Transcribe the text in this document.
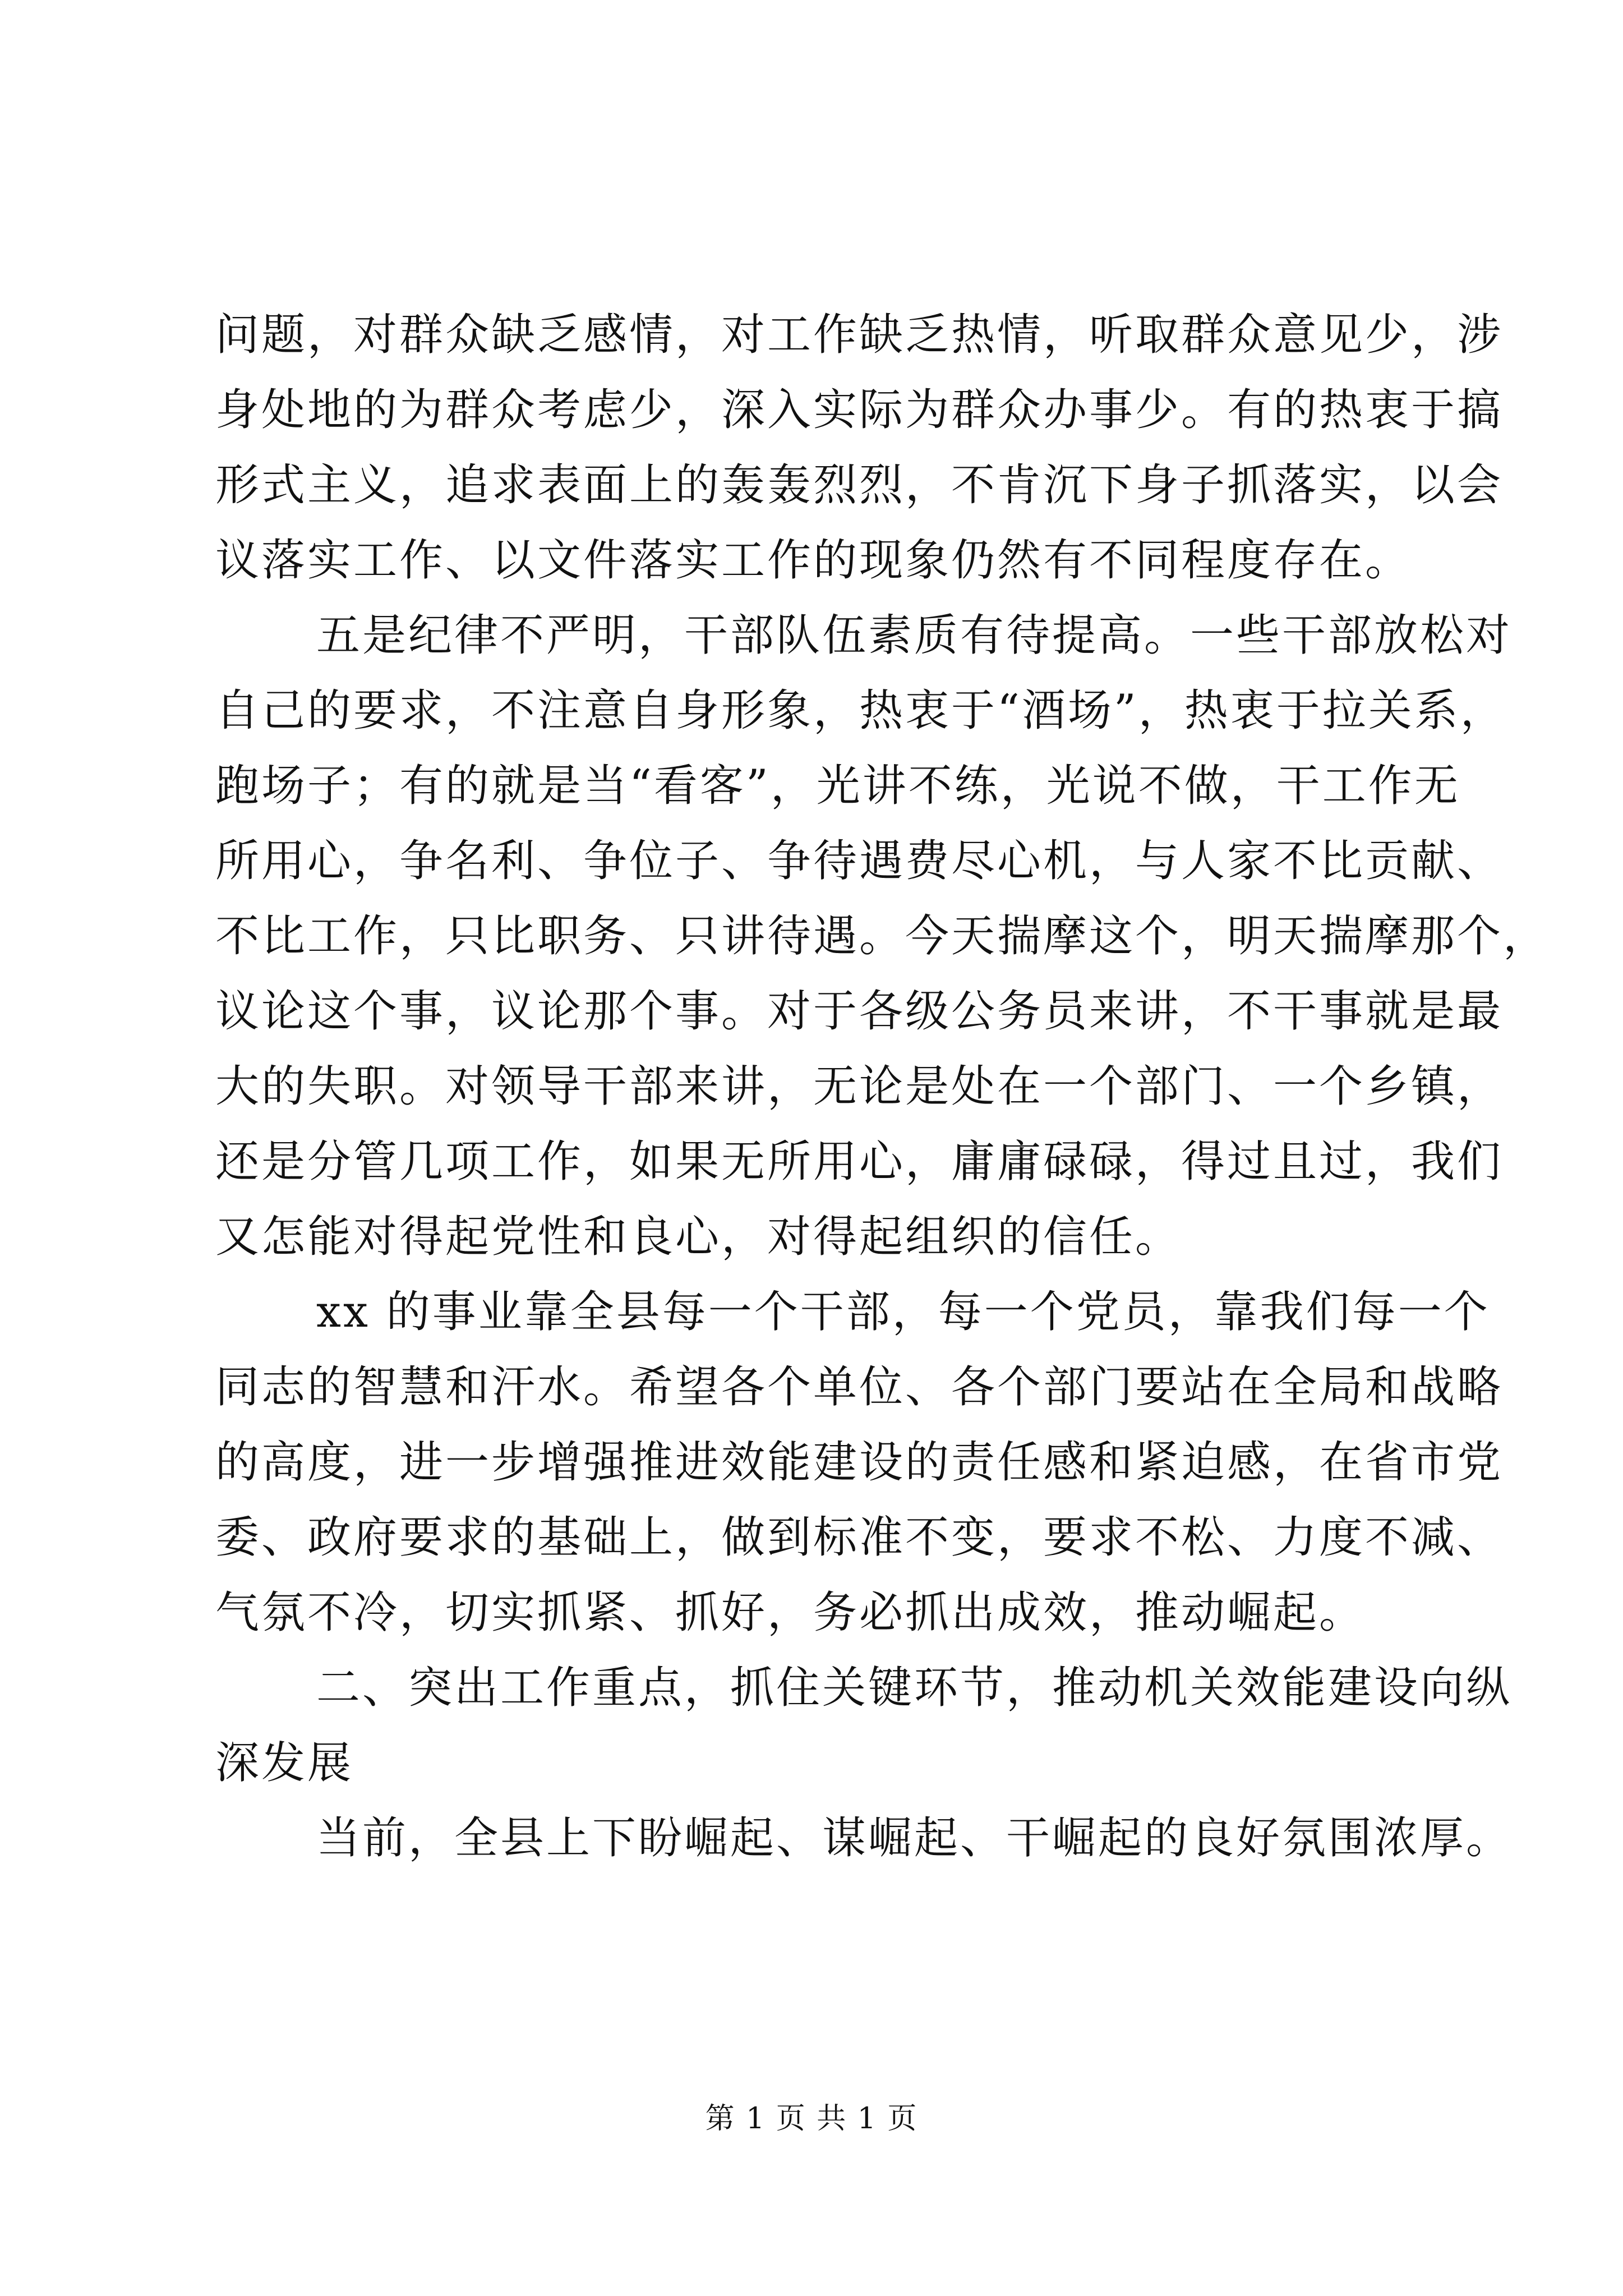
问题，对群众缺乏感情，对工作缺乏热情，听取群众意见少，涉
身处地的为群众考虑少，深入实际为群众办事少。有的热衷于搞
形式主义，追求表面上的轰轰烈烈，不肯沉下身子抓落实，以会
议落实工作、以文件落实工作的现象仍然有不同程度存在。
五是纪律不严明，干部队伍素质有待提高。一些干部放松对
自己的要求，不注意自身形象，热衷于“酒场”，热衷于拉关系，
跑场子；有的就是当“看客”，光讲不练，光说不做，干工作无
所用心，争名利、争位子、争待遇费尽心机，与人家不比贡献、
不比工作，只比职务、只讲待遇。今天揣摩这个，明天揣摩那个，
议论这个事，议论那个事。对于各级公务员来讲，不干事就是最
大的失职。对领导干部来讲，无论是处在一个部门、一个乡镇，
还是分管几项工作，如果无所用心，庸庸碌碌，得过且过，我们
又怎能对得起党性和良心，对得起组织的信任。
xx 的事业靠全县每一个干部，每一个党员，靠我们每一个
同志的智慧和汗水。希望各个单位、各个部门要站在全局和战略
的高度，进一步增强推进效能建设的责任感和紧迫感，在省市党
委、政府要求的基础上，做到标准不变，要求不松、力度不减、
气氛不冷，切实抓紧、抓好，务必抓出成效，推动崛起。
二、突出工作重点，抓住关键环节，推动机关效能建设向纵
深发展
当前，全县上下盼崛起、谋崛起、干崛起的良好氛围浓厚。
第 1 页 共 1 页
